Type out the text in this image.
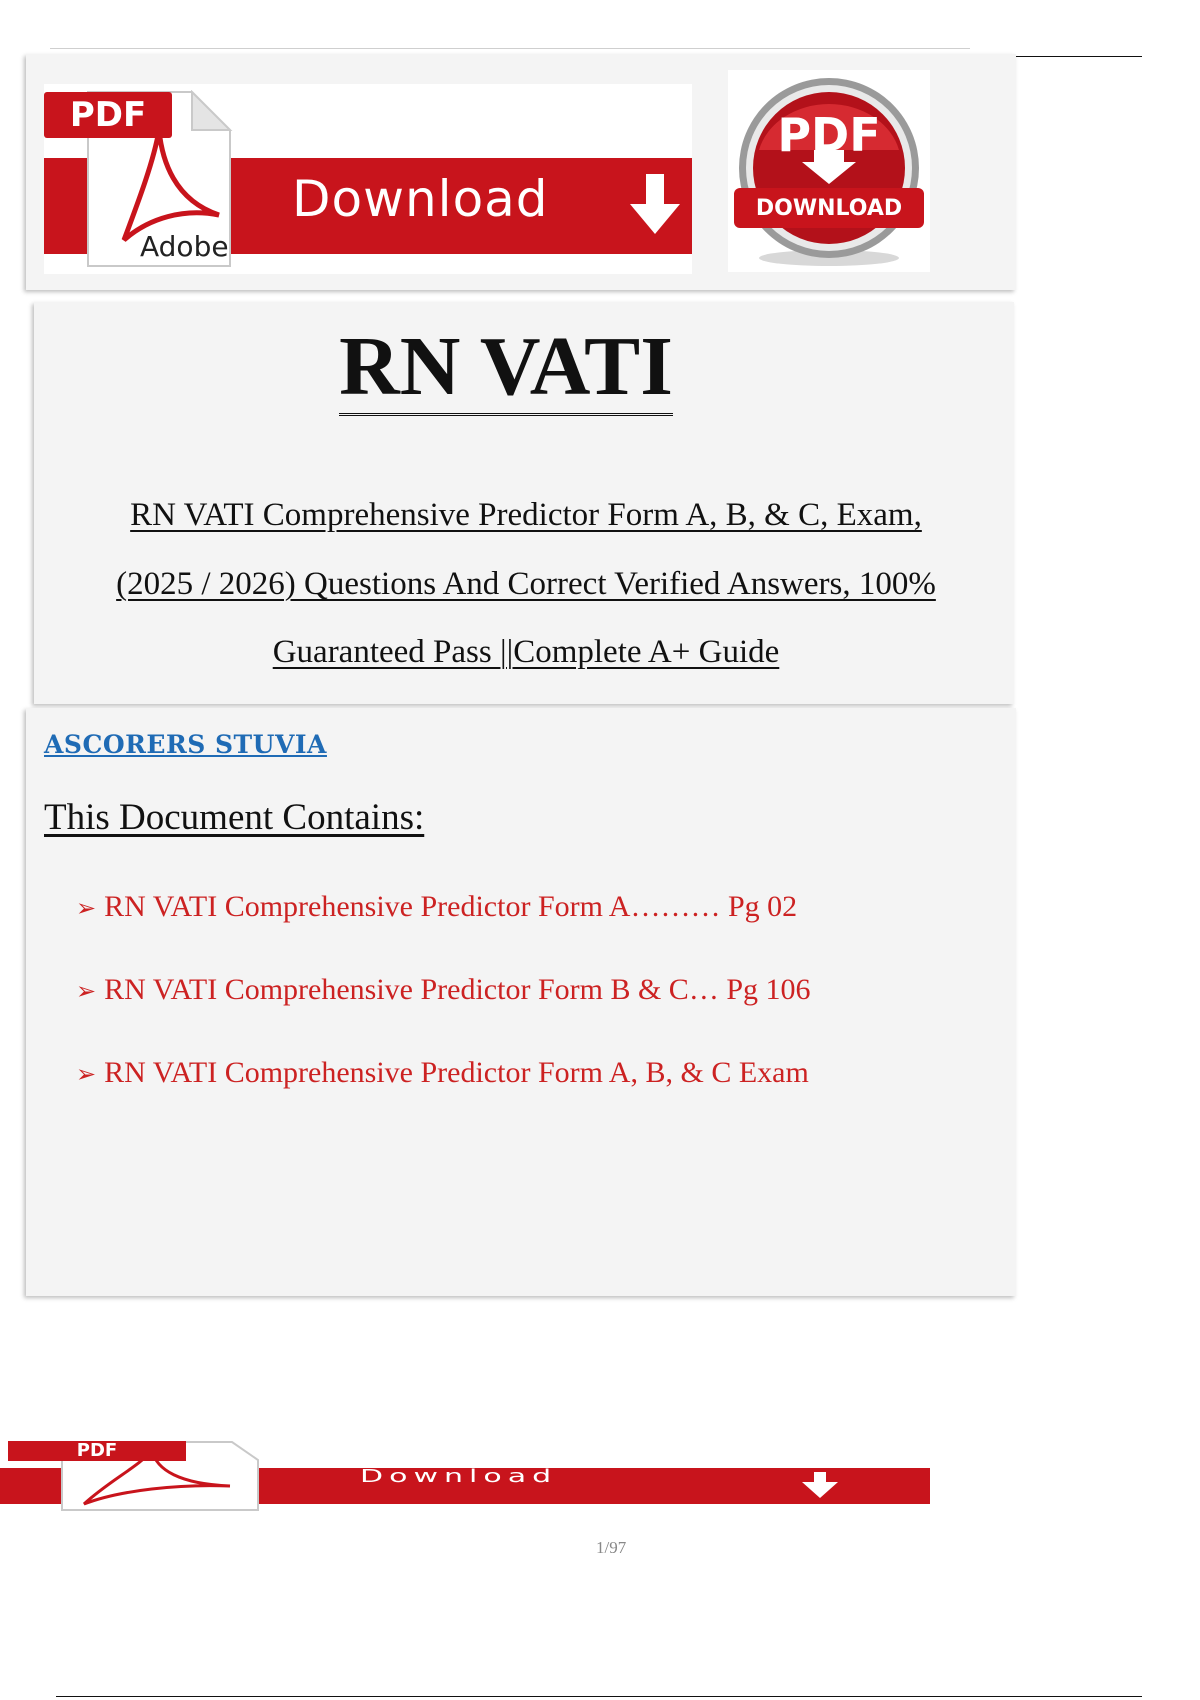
Download
PDF
Adobe
PDF
DOWNLOAD
RN VATI
RN VATI Comprehensive Predictor Form A, B, & C, Exam,
(2025 / 2026) Questions And Correct Verified Answers, 100%
Guaranteed Pass ||Complete A+ Guide
ASCORERS STUVIA
This Document Contains:
➢ RN VATI Comprehensive Predictor Form A……… Pg 02
➢ RN VATI Comprehensive Predictor Form B & C… Pg 106
➢ RN VATI Comprehensive Predictor Form A, B, & C Exam
PDF
Download
1/97
